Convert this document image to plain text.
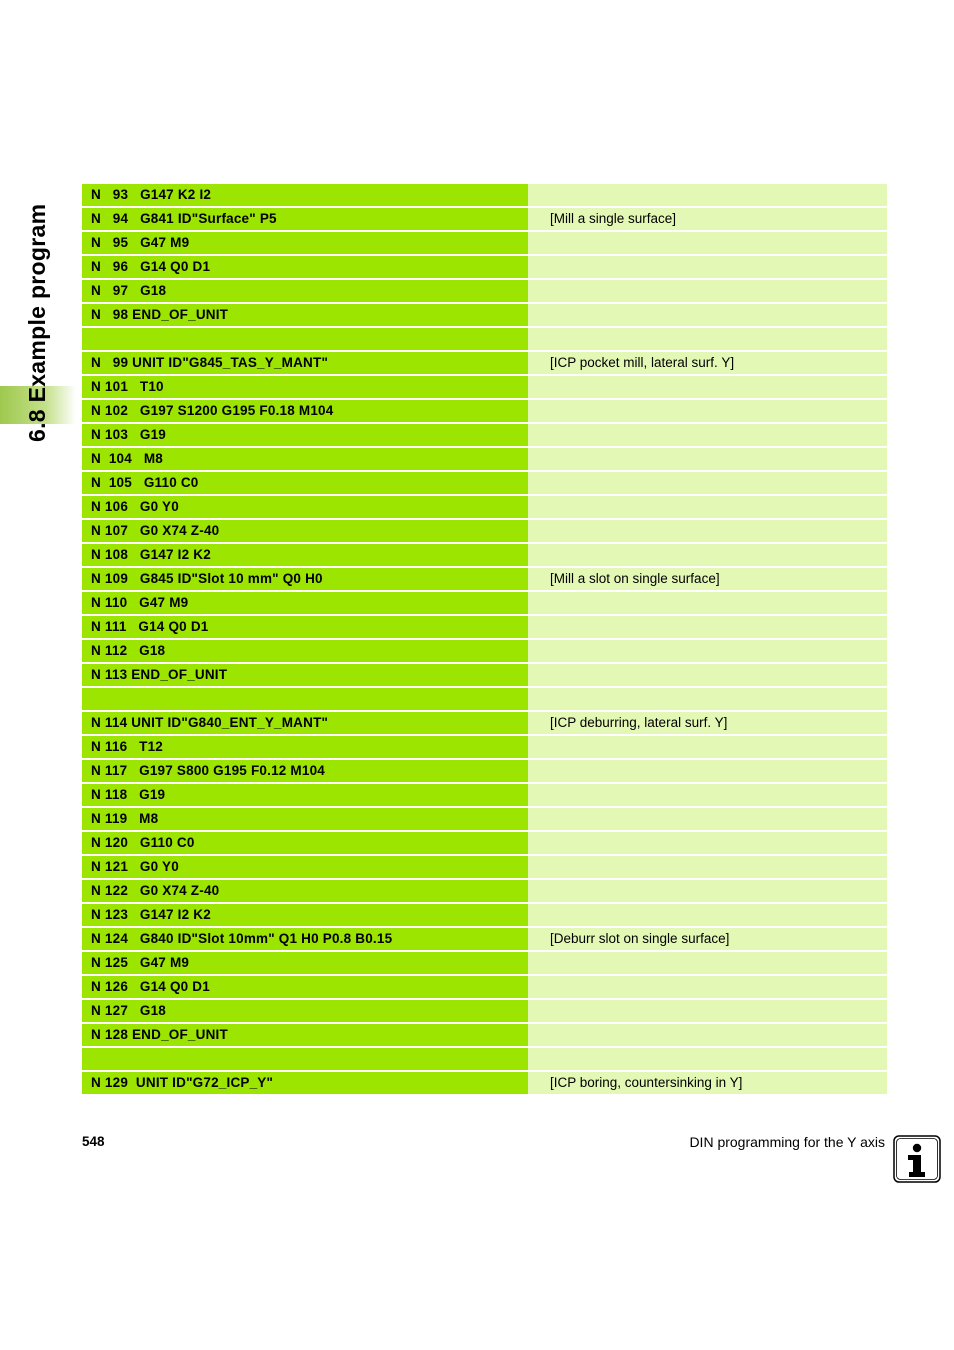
6.8 Example program
N   93   G147 K2 I2
N   94   G841 ID"Surface" P5	[Mill a single surface]
N   95   G47 M9
N   96   G14 Q0 D1
N   97   G18
N   98 END_OF_UNIT
N   99 UNIT ID"G845_TAS_Y_MANT"	[ICP pocket mill, lateral surf. Y]
N 101   T10
N 102   G197 S1200 G195 F0.18 M104
N 103   G19
N  104   M8
N  105   G110 C0
N 106   G0 Y0
N 107   G0 X74 Z-40
N 108   G147 I2 K2
N 109   G845 ID"Slot 10 mm" Q0 H0	[Mill a slot on single surface]
N 110   G47 M9
N 111   G14 Q0 D1
N 112   G18
N 113 END_OF_UNIT
N 114 UNIT ID"G840_ENT_Y_MANT"	[ICP deburring, lateral surf. Y]
N 116   T12
N 117   G197 S800 G195 F0.12 M104
N 118   G19
N 119   M8
N 120   G110 C0
N 121   G0 Y0
N 122   G0 X74 Z-40
N 123   G147 I2 K2
N 124   G840 ID"Slot 10mm" Q1 H0 P0.8 B0.15	[Deburr slot on single surface]
N 125   G47 M9
N 126   G14 Q0 D1
N 127   G18
N 128 END_OF_UNIT
N 129  UNIT ID"G72_ICP_Y"	[ICP boring, countersinking in Y]
548	DIN programming for the Y axis
